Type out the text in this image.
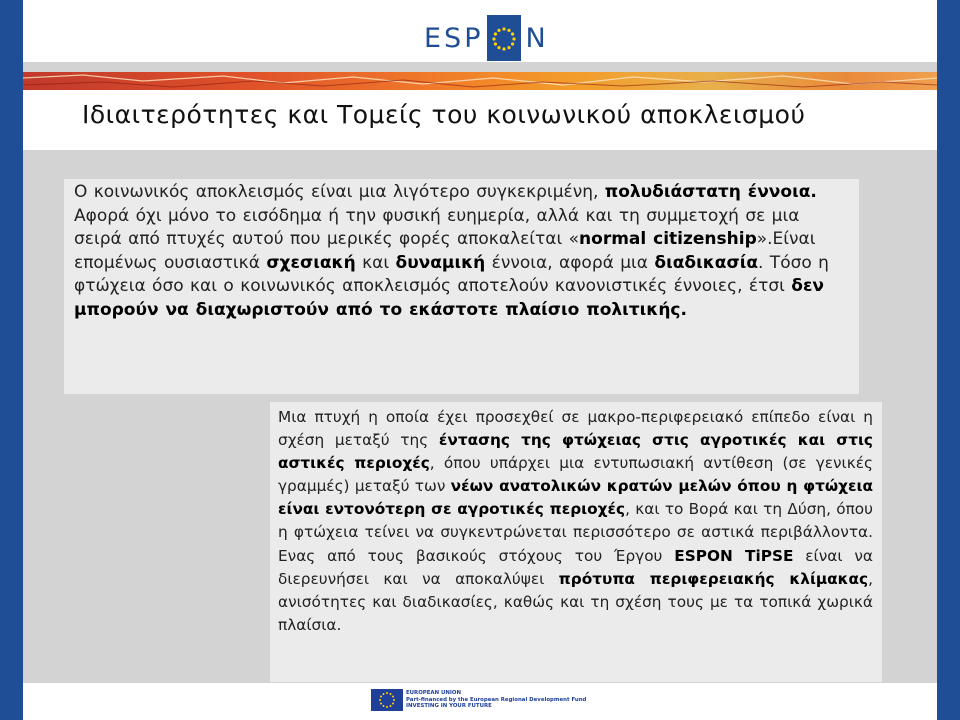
ESP N
Ιδιαιτερότητες και Τομείς του κοινωνικού αποκλεισμού

Ο κοινωνικός αποκλεισμός είναι μια λιγότερο συγκεκριμένη, πολυδιάστατη έννοια. Αφορά όχι μόνο το εισόδημα ή την φυσική ευημερία, αλλά και τη συμμετοχή σε μια σειρά από πτυχές αυτού που μερικές φορές αποκαλείται «normal citizenship».Είναι επομένως ουσιαστικά σχεσιακή και δυναμική έννοια, αφορά μια διαδικασία. Τόσο η φτώχεια όσο και ο κοινωνικός αποκλεισμός αποτελούν κανονιστικές έννοιες, έτσι δεν μπορούν να διαχωριστούν από το εκάστοτε πλαίσιο πολιτικής.

Μια πτυχή η οποία έχει προσεχθεί σε μακρο-περιφερειακό επίπεδο είναι η σχέση μεταξύ της έντασης της φτώχειας στις αγροτικές και στις αστικές περιοχές, όπου υπάρχει μια εντυπωσιακή αντίθεση (σε γενικές γραμμές) μεταξύ των νέων ανατολικών κρατών μελών όπου η φτώχεια είναι εντονότερη σε αγροτικές περιοχές, και το Βορά και τη Δύση, όπου η φτώχεια τείνει να συγκεντρώνεται περισσότερο σε αστικά περιβάλλοντα. Ενας από τους βασικούς στόχους του Έργου ESPON TiPSE είναι να διερευνήσει και να αποκαλύψει πρότυπα περιφερειακής κλίμακας, ανισότητες και διαδικασίες, καθώς και τη σχέση τους με τα τοπικά χωρικά πλαίσια.

EUROPEAN UNION
Part-financed by the European Regional Development Fund
INVESTING IN YOUR FUTURE
